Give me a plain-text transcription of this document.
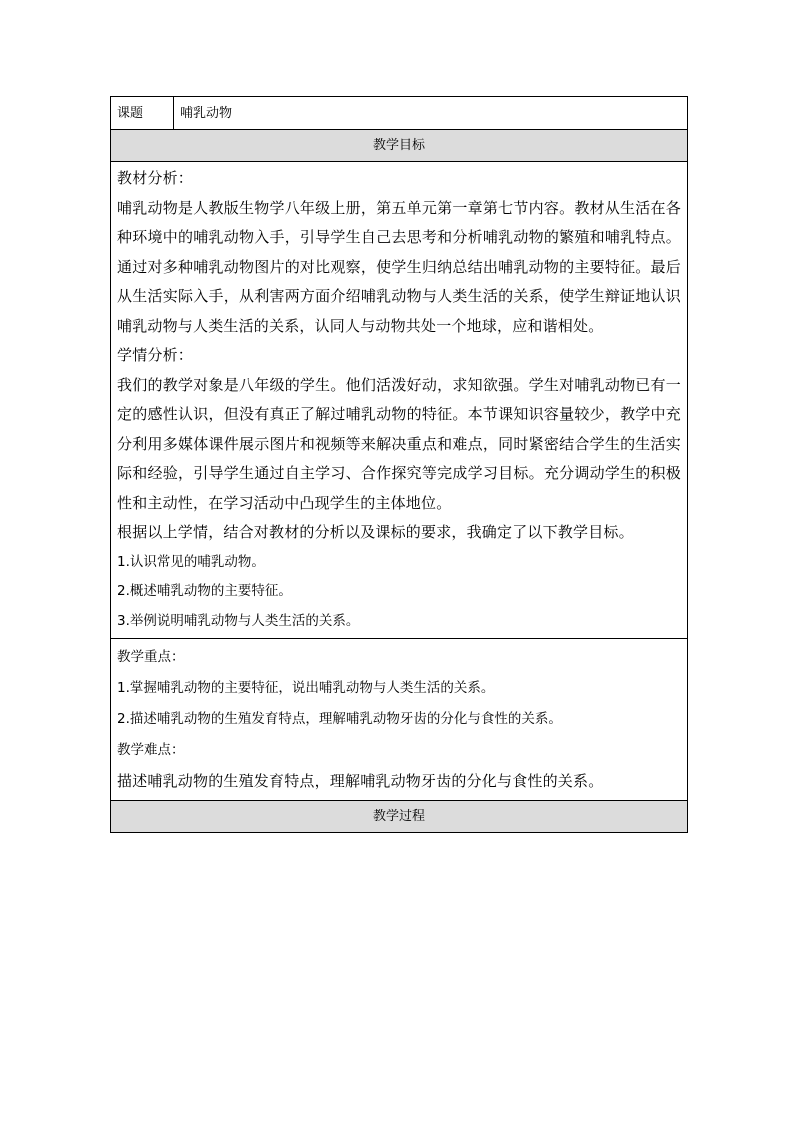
课题	哺乳动物
教学目标

教材分析：

哺乳动物是人教版生物学八年级上册，第五单元第一章第七节内容。教材从生活在各种环境中的哺乳动物入手，引导学生自己去思考和分析哺乳动物的繁殖和哺乳特点。通过对多种哺乳动物图片的对比观察，使学生归纳总结出哺乳动物的主要特征。最后从生活实际入手，从利害两方面介绍哺乳动物与人类生活的关系，使学生辩证地认识哺乳动物与人类生活的关系，认同人与动物共处一个地球，应和谐相处。

学情分析：

我们的教学对象是八年级的学生。他们活泼好动，求知欲强。学生对哺乳动物已有一定的感性认识，但没有真正了解过哺乳动物的特征。本节课知识容量较少，教学中充分利用多媒体课件展示图片和视频等来解决重点和难点，同时紧密结合学生的生活实际和经验，引导学生通过自主学习、合作探究等完成学习目标。充分调动学生的积极性和主动性，在学习活动中凸现学生的主体地位。

根据以上学情，结合对教材的分析以及课标的要求，我确定了以下教学目标。

1.认识常见的哺乳动物。

2.概述哺乳动物的主要特征。

3.举例说明哺乳动物与人类生活的关系。

教学重点：

1.掌握哺乳动物的主要特征，说出哺乳动物与人类生活的关系。

2.描述哺乳动物的生殖发育特点，理解哺乳动物牙齿的分化与食性的关系。

教学难点：

描述哺乳动物的生殖发育特点，理解哺乳动物牙齿的分化与食性的关系。

教学过程
